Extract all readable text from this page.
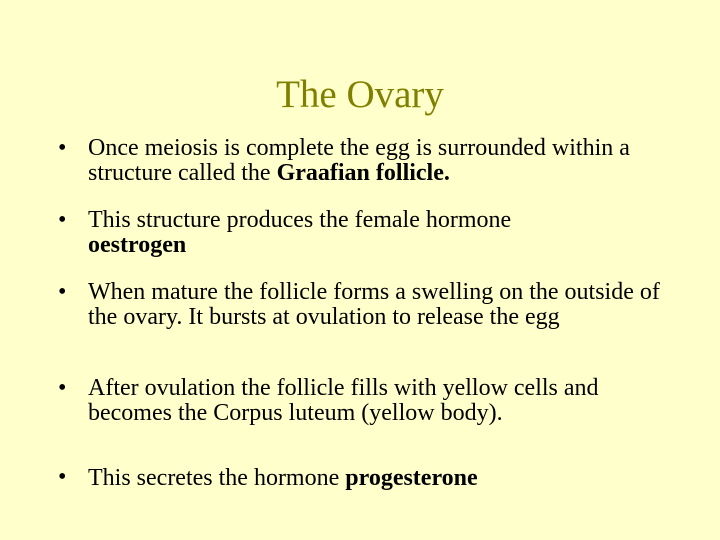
The Ovary
• Once meiosis is complete the egg is surrounded within a structure called the Graafian follicle.
• This structure produces the female hormone
oestrogen
• When mature the follicle forms a swelling on the outside of the ovary. It bursts at ovulation to release the egg
• After ovulation the follicle fills with yellow cells and becomes the Corpus luteum (yellow body).
• This secretes the hormone progesterone
